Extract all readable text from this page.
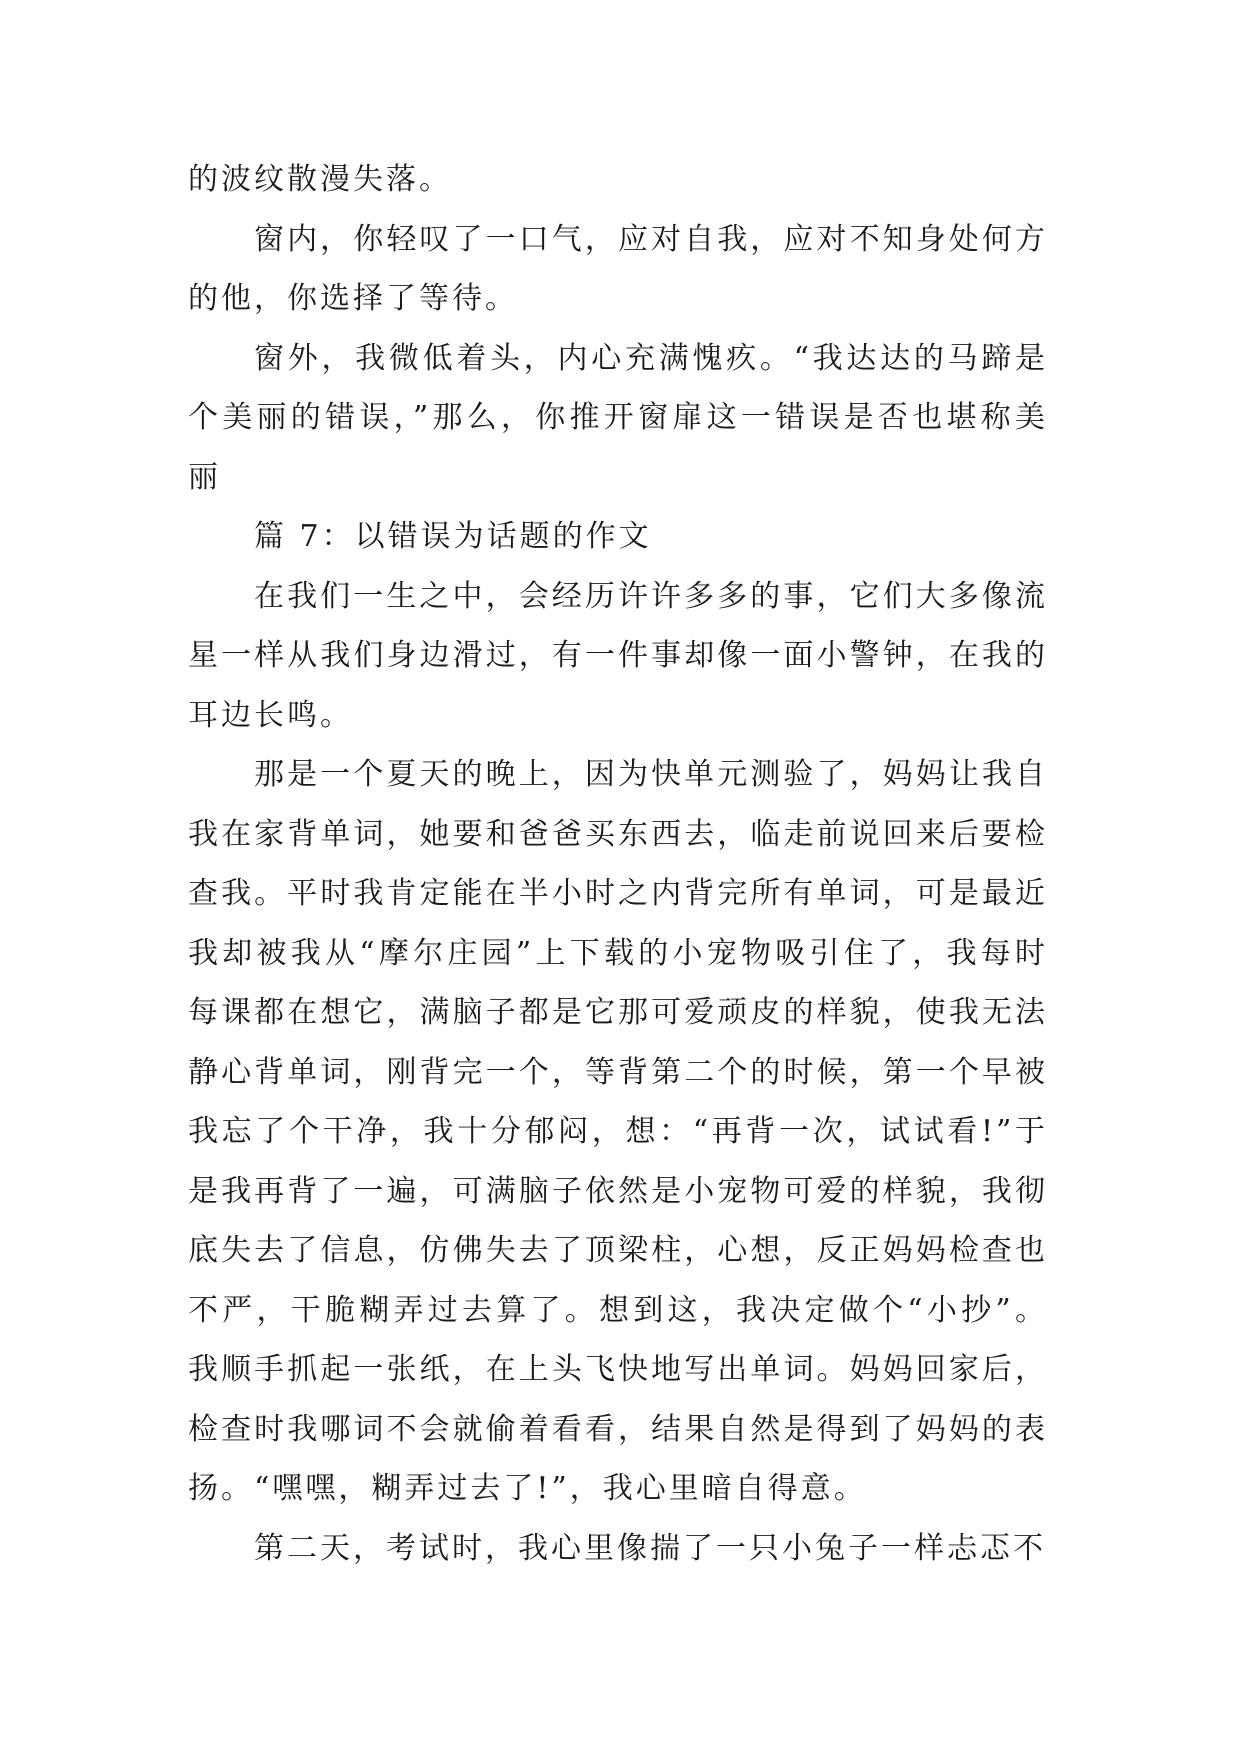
的波纹散漫失落。

窗内，你轻叹了一口气，应对自我，应对不知身处何方的他，你选择了等待。

窗外，我微低着头，内心充满愧疚。“我达达的马蹄是个美丽的错误，”那么，你推开窗扉这一错误是否也堪称美丽

篇 7：以错误为话题的作文

在我们一生之中，会经历许许多多的事，它们大多像流星一样从我们身边滑过，有一件事却像一面小警钟，在我的耳边长鸣。

那是一个夏天的晚上，因为快单元测验了，妈妈让我自我在家背单词，她要和爸爸买东西去，临走前说回来后要检查我。平时我肯定能在半小时之内背完所有单词，可是最近我却被我从“摩尔庄园”上下载的小宠物吸引住了，我每时每课都在想它，满脑子都是它那可爱顽皮的样貌，使我无法静心背单词，刚背完一个，等背第二个的时候，第一个早被我忘了个干净，我十分郁闷，想：“再背一次，试试看!”于是我再背了一遍，可满脑子依然是小宠物可爱的样貌，我彻底失去了信息，仿佛失去了顶梁柱，心想，反正妈妈检查也不严，干脆糊弄过去算了。想到这，我决定做个“小抄”。我顺手抓起一张纸，在上头飞快地写出单词。妈妈回家后，检查时我哪词不会就偷着看看，结果自然是得到了妈妈的表扬。“嘿嘿，糊弄过去了!”，我心里暗自得意。

第二天，考试时，我心里像揣了一只小兔子一样忐忑不
